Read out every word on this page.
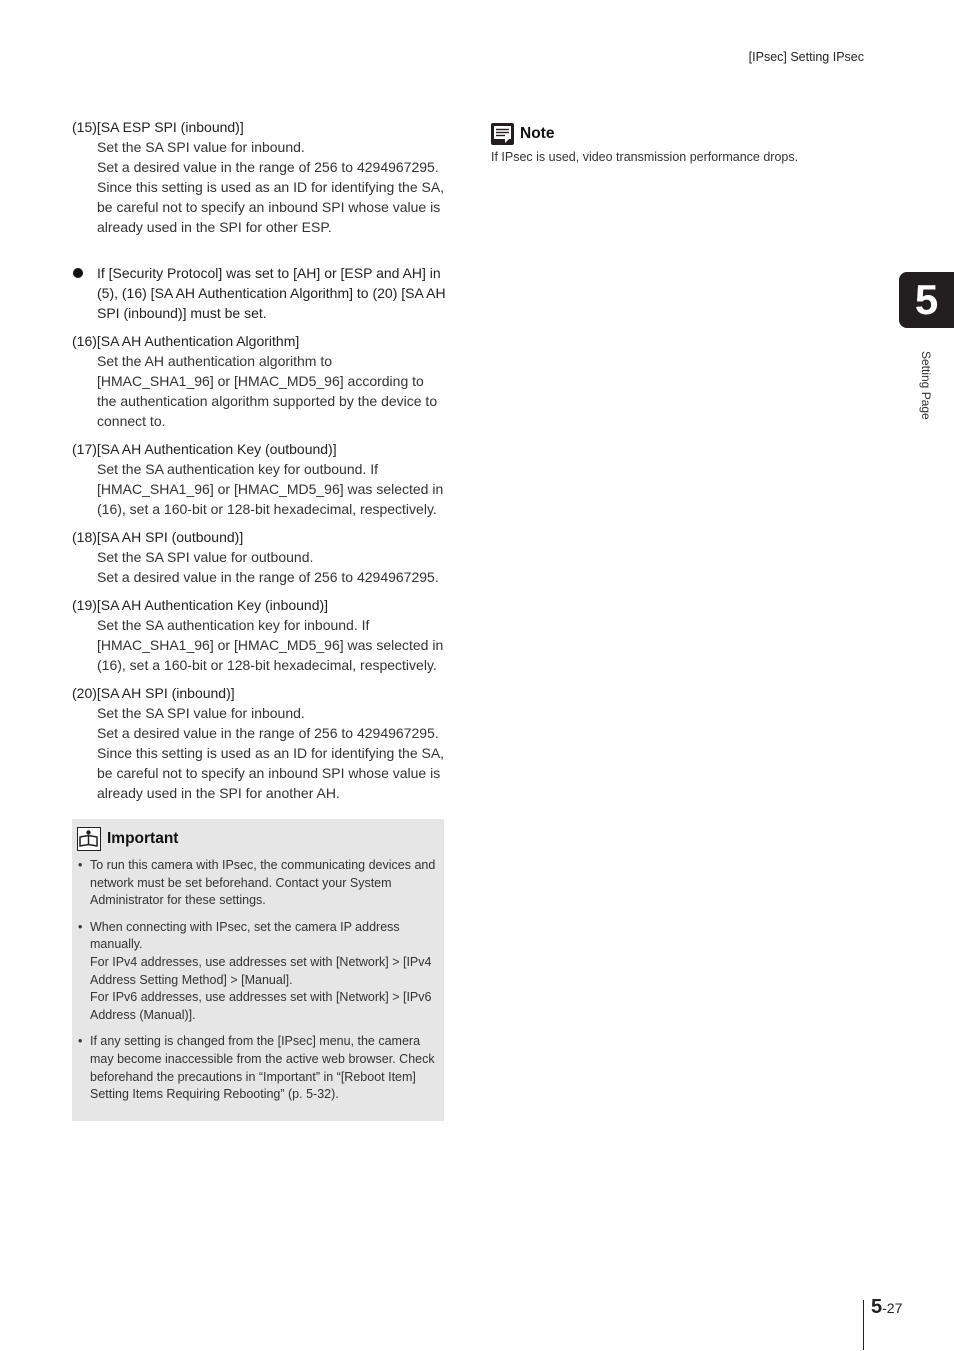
[IPsec] Setting IPsec
(15)[SA ESP SPI (inbound)]

Set the SA SPI value for inbound.

Set a desired value in the range of 256 to 4294967295. Since this setting is used as an ID for identifying the SA, be careful not to specify an inbound SPI whose value is already used in the SPI for other ESP.

If [Security Protocol] was set to [AH] or [ESP and AH] in (5), (16) [SA AH Authentication Algorithm] to (20) [SA AH SPI (inbound)] must be set.
(16)[SA AH Authentication Algorithm]

Set the AH authentication algorithm to [HMAC_SHA1_96] or [HMAC_MD5_96] according to the authentication algorithm supported by the device to connect to.

(17)[SA AH Authentication Key (outbound)]

Set the SA authentication key for outbound. If [HMAC_SHA1_96] or [HMAC_MD5_96] was selected in (16), set a 160-bit or 128-bit hexadecimal, respectively.

(18)[SA AH SPI (outbound)]

Set the SA SPI value for outbound.

Set a desired value in the range of 256 to 4294967295.

(19)[SA AH Authentication Key (inbound)]

Set the SA authentication key for inbound. If [HMAC_SHA1_96] or [HMAC_MD5_96] was selected in (16), set a 160-bit or 128-bit hexadecimal, respectively.

(20)[SA AH SPI (inbound)]

Set the SA SPI value for inbound.

Set a desired value in the range of 256 to 4294967295. Since this setting is used as an ID for identifying the SA, be careful not to specify an inbound SPI whose value is already used in the SPI for another AH.

Important

• To run this camera with IPsec, the communicating devices and network must be set beforehand. Contact your System Administrator for these settings.

• When connecting with IPsec, set the camera IP address manually.

For IPv4 addresses, use addresses set with [Network] > [IPv4 Address Setting Method] > [Manual].

For IPv6 addresses, use addresses set with [Network] > [IPv6 Address (Manual)].

• If any setting is changed from the [IPsec] menu, the camera may become inaccessible from the active web browser. Check beforehand the precautions in “Important” in “[Reboot Item] Setting Items Requiring Rebooting” (p. 5-32).

Note
If IPsec is used, video transmission performance drops.
5
Setting Page
5-27
